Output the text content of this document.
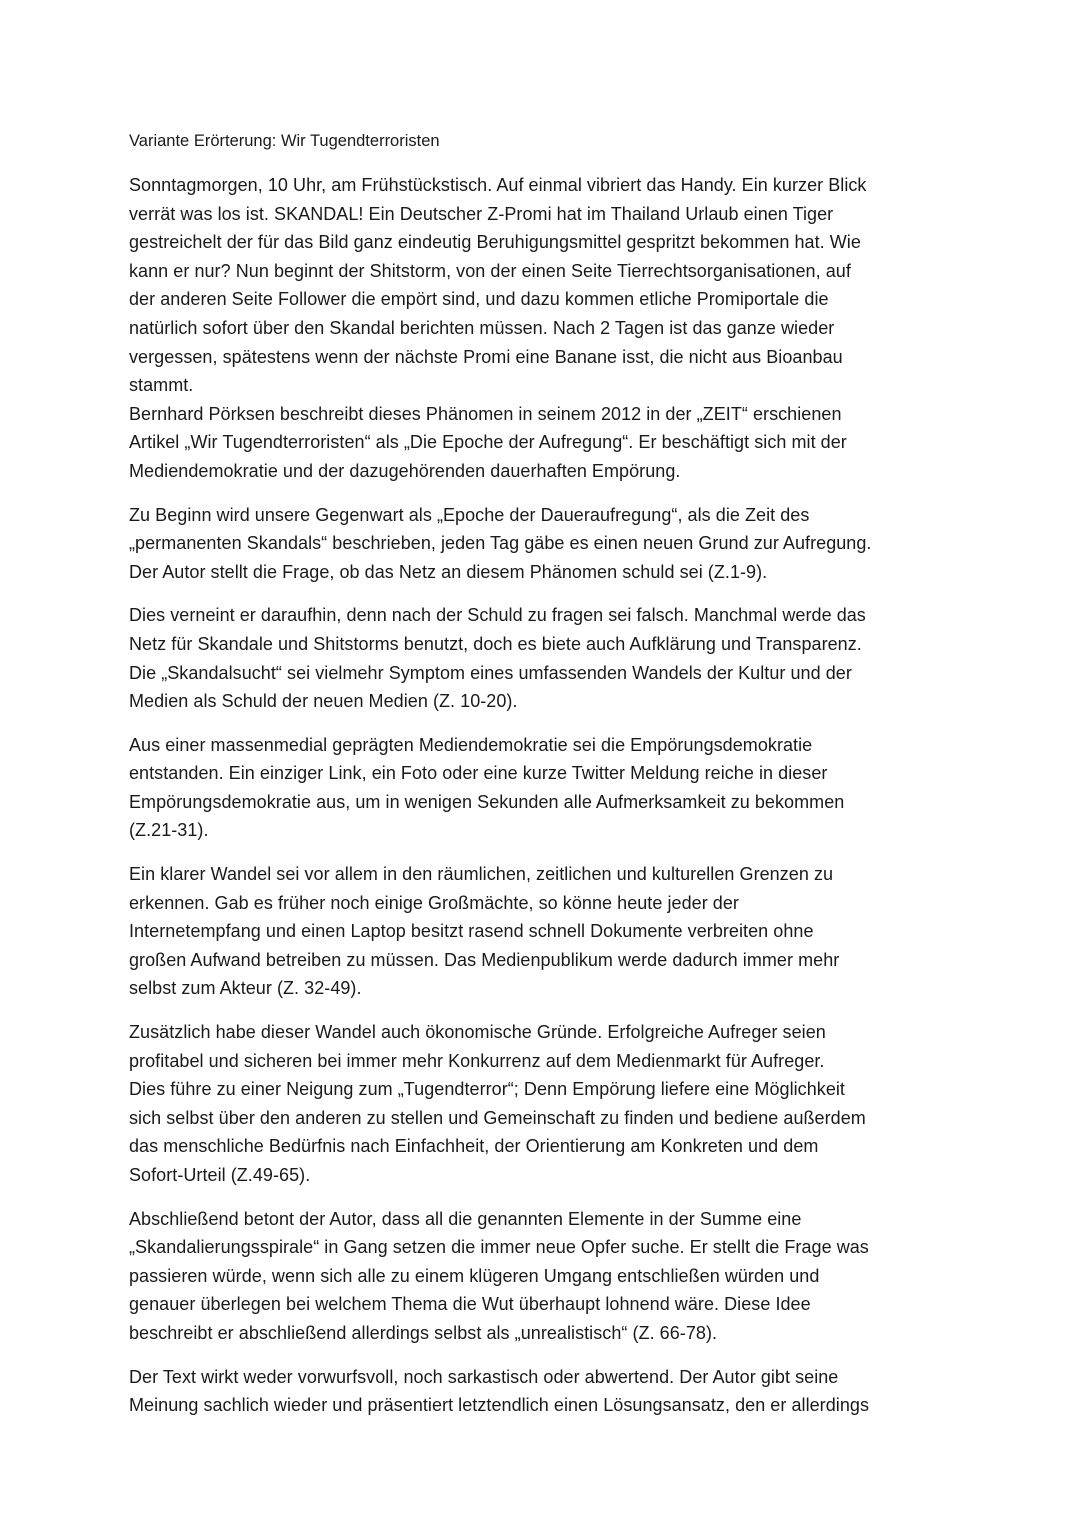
Variante Erörterung: Wir Tugendterroristen
Sonntagmorgen, 10 Uhr, am Frühstückstisch. Auf einmal vibriert das Handy. Ein kurzer Blick
verrät was los ist. SKANDAL! Ein Deutscher Z-Promi hat im Thailand Urlaub einen Tiger
gestreichelt der für das Bild ganz eindeutig Beruhigungsmittel gespritzt bekommen hat. Wie
kann er nur? Nun beginnt der Shitstorm, von der einen Seite Tierrechtsorganisationen, auf
der anderen Seite Follower die empört sind, und dazu kommen etliche Promiportale die
natürlich sofort über den Skandal berichten müssen. Nach 2 Tagen ist das ganze wieder
vergessen, spätestens wenn der nächste Promi eine Banane isst, die nicht aus Bioanbau
stammt.
Bernhard Pörksen beschreibt dieses Phänomen in seinem 2012 in der „ZEIT“ erschienen
Artikel „Wir Tugendterroristen“ als „Die Epoche der Aufregung“. Er beschäftigt sich mit der
Mediendemokratie und der dazugehörenden dauerhaften Empörung.
Zu Beginn wird unsere Gegenwart als „Epoche der Daueraufregung“, als die Zeit des
„permanenten Skandals“ beschrieben, jeden Tag gäbe es einen neuen Grund zur Aufregung.
Der Autor stellt die Frage, ob das Netz an diesem Phänomen schuld sei (Z.1-9).
Dies verneint er daraufhin, denn nach der Schuld zu fragen sei falsch. Manchmal werde das
Netz für Skandale und Shitstorms benutzt, doch es biete auch Aufklärung und Transparenz.
Die „Skandalsucht“ sei vielmehr Symptom eines umfassenden Wandels der Kultur und der
Medien als Schuld der neuen Medien (Z. 10-20).
Aus einer massenmedial geprägten Mediendemokratie sei die Empörungsdemokratie
entstanden. Ein einziger Link, ein Foto oder eine kurze Twitter Meldung reiche in dieser
Empörungsdemokratie aus, um in wenigen Sekunden alle Aufmerksamkeit zu bekommen
(Z.21-31).
Ein klarer Wandel sei vor allem in den räumlichen, zeitlichen und kulturellen Grenzen zu
erkennen. Gab es früher noch einige Großmächte, so könne heute jeder der
Internetempfang und einen Laptop besitzt rasend schnell Dokumente verbreiten ohne
großen Aufwand betreiben zu müssen. Das Medienpublikum werde dadurch immer mehr
selbst zum Akteur (Z. 32-49).
Zusätzlich habe dieser Wandel auch ökonomische Gründe. Erfolgreiche Aufreger seien
profitabel und sicheren bei immer mehr Konkurrenz auf dem Medienmarkt für Aufreger.
Dies führe zu einer Neigung zum „Tugendterror“; Denn Empörung liefere eine Möglichkeit
sich selbst über den anderen zu stellen und Gemeinschaft zu finden und bediene außerdem
das menschliche Bedürfnis nach Einfachheit, der Orientierung am Konkreten und dem
Sofort-Urteil (Z.49-65).
Abschließend betont der Autor, dass all die genannten Elemente in der Summe eine
„Skandalierungsspirale“ in Gang setzen die immer neue Opfer suche. Er stellt die Frage was
passieren würde, wenn sich alle zu einem klügeren Umgang entschließen würden und
genauer überlegen bei welchem Thema die Wut überhaupt lohnend wäre. Diese Idee
beschreibt er abschließend allerdings selbst als „unrealistisch“ (Z. 66-78).
Der Text wirkt weder vorwurfsvoll, noch sarkastisch oder abwertend. Der Autor gibt seine
Meinung sachlich wieder und präsentiert letztendlich einen Lösungsansatz, den er allerdings
